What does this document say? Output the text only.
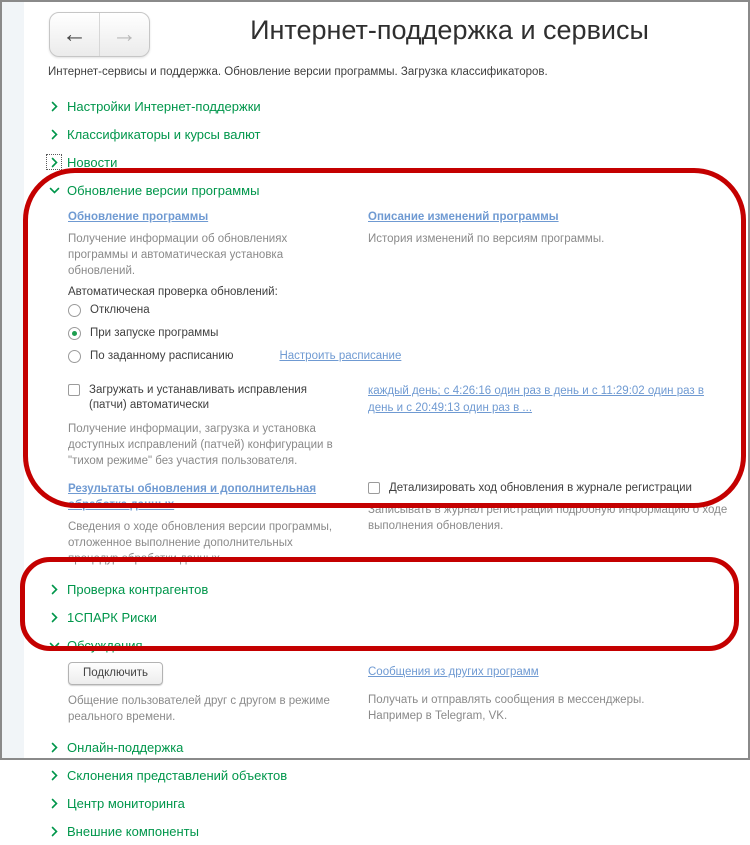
← →	Интернет-поддержка и сервисы
Интернет-сервисы и поддержка. Обновление версии программы. Загрузка классификаторов.
Настройки Интернет-поддержки
Классификаторы и курсы валют
Новости
Обновление версии программы
Обновление программы
Получение информации об обновлениях программы и автоматическая установка обновлений.
Описание изменений программы
История изменений по версиям программы.
Автоматическая проверка обновлений:
Отключена
При запуске программы
По заданному расписанию	Настроить расписание
Загружать и устанавливать исправления (патчи) автоматически
Получение информации, загрузка и установка доступных исправлений (патчей) конфигурации в "тихом режиме" без участия пользователя.
каждый день; с 4:26:16 один раз в день и с 11:29:02 один раз в день и с 20:49:13 один раз в ...
Результаты обновления и дополнительная обработка данных
Сведения о ходе обновления версии программы, отложенное выполнение дополнительных процедур обработки данных.
Детализировать ход обновления в журнале регистрации
Записывать в журнал регистрации подробную информацию о ходе выполнения обновления.
Проверка контрагентов
1СПАРК Риски
Обсуждения
Подключить
Общение пользователей друг с другом в режиме реального времени.
Сообщения из других программ
Получать и отправлять сообщения в мессенджеры. Например в Telegram, VK.
Онлайн-поддержка
Склонения представлений объектов
Центр мониторинга
Внешние компоненты
